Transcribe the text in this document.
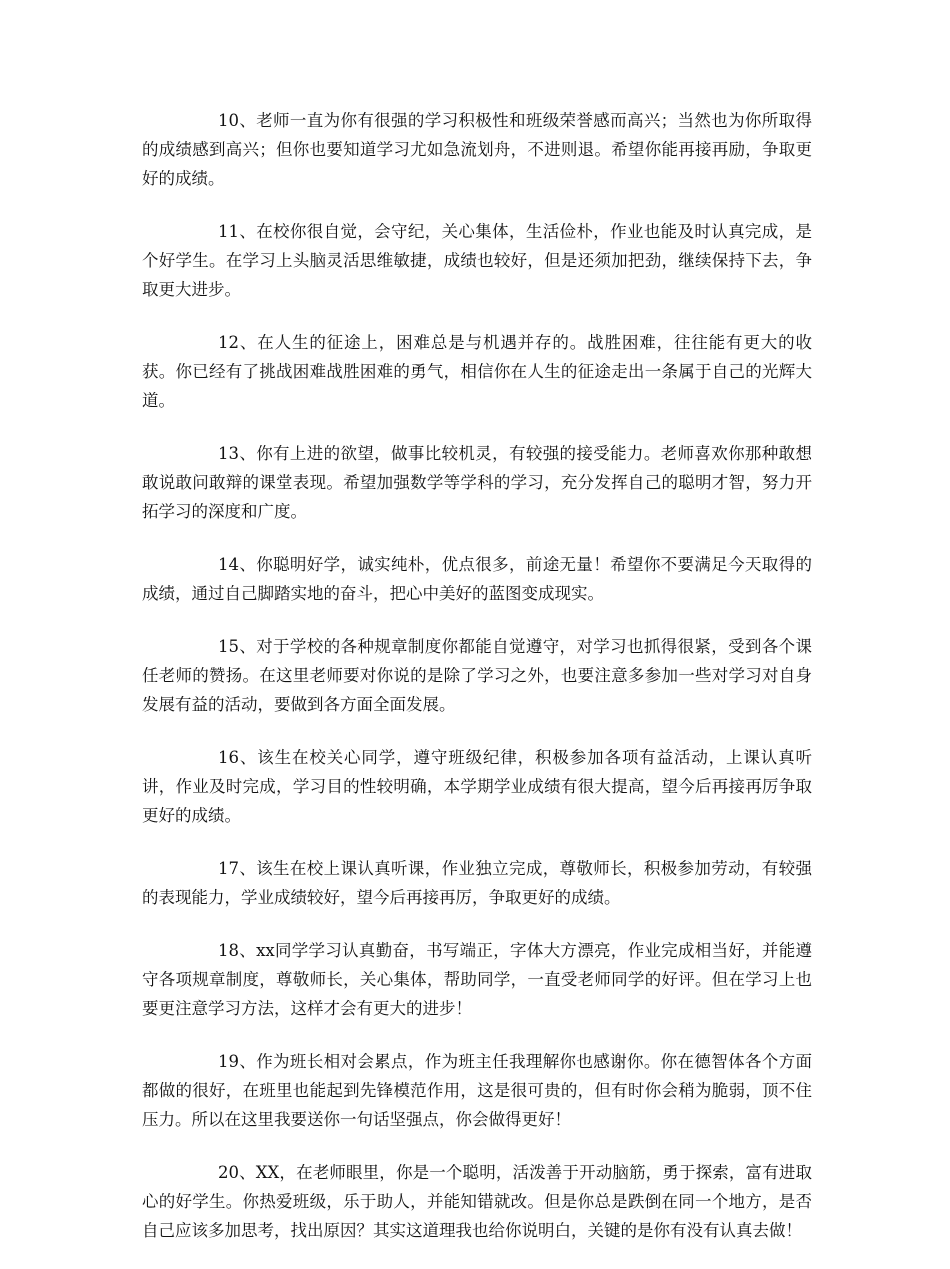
10、老师一直为你有很强的学习积极性和班级荣誉感而高兴；当然也为你所取得的成绩感到高兴；但你也要知道学习尤如急流划舟，不进则退。希望你能再接再励，争取更好的成绩。

11、在校你很自觉，会守纪，关心集体，生活俭朴，作业也能及时认真完成，是个好学生。在学习上头脑灵活思维敏捷，成绩也较好，但是还须加把劲，继续保持下去，争取更大进步。

12、在人生的征途上，困难总是与机遇并存的。战胜困难，往往能有更大的收获。你已经有了挑战困难战胜困难的勇气，相信你在人生的征途走出一条属于自己的光辉大道。

13、你有上进的欲望，做事比较机灵，有较强的接受能力。老师喜欢你那种敢想敢说敢问敢辩的课堂表现。希望加强数学等学科的学习，充分发挥自己的聪明才智，努力开拓学习的深度和广度。

14、你聪明好学，诚实纯朴，优点很多，前途无量！希望你不要满足今天取得的成绩，通过自己脚踏实地的奋斗，把心中美好的蓝图变成现实。

15、对于学校的各种规章制度你都能自觉遵守，对学习也抓得很紧，受到各个课任老师的赞扬。在这里老师要对你说的是除了学习之外，也要注意多参加一些对学习对自身发展有益的活动，要做到各方面全面发展。

16、该生在校关心同学，遵守班级纪律，积极参加各项有益活动，上课认真听讲，作业及时完成，学习目的性较明确，本学期学业成绩有很大提高，望今后再接再厉争取更好的成绩。

17、该生在校上课认真听课，作业独立完成，尊敬师长，积极参加劳动，有较强的表现能力，学业成绩较好，望今后再接再厉，争取更好的成绩。

18、xx同学学习认真勤奋，书写端正，字体大方漂亮，作业完成相当好，并能遵守各项规章制度，尊敬师长，关心集体，帮助同学，一直受老师同学的好评。但在学习上也要更注意学习方法，这样才会有更大的进步！

19、作为班长相对会累点，作为班主任我理解你也感谢你。你在德智体各个方面都做的很好，在班里也能起到先锋模范作用，这是很可贵的，但有时你会稍为脆弱，顶不住压力。所以在这里我要送你一句话坚强点，你会做得更好！

20、XX，在老师眼里，你是一个聪明，活泼善于开动脑筋，勇于探索，富有进取心的好学生。你热爱班级，乐于助人，并能知错就改。但是你总是跌倒在同一个地方，是否自己应该多加思考，找出原因？其实这道理我也给你说明白，关键的是你有没有认真去做！
